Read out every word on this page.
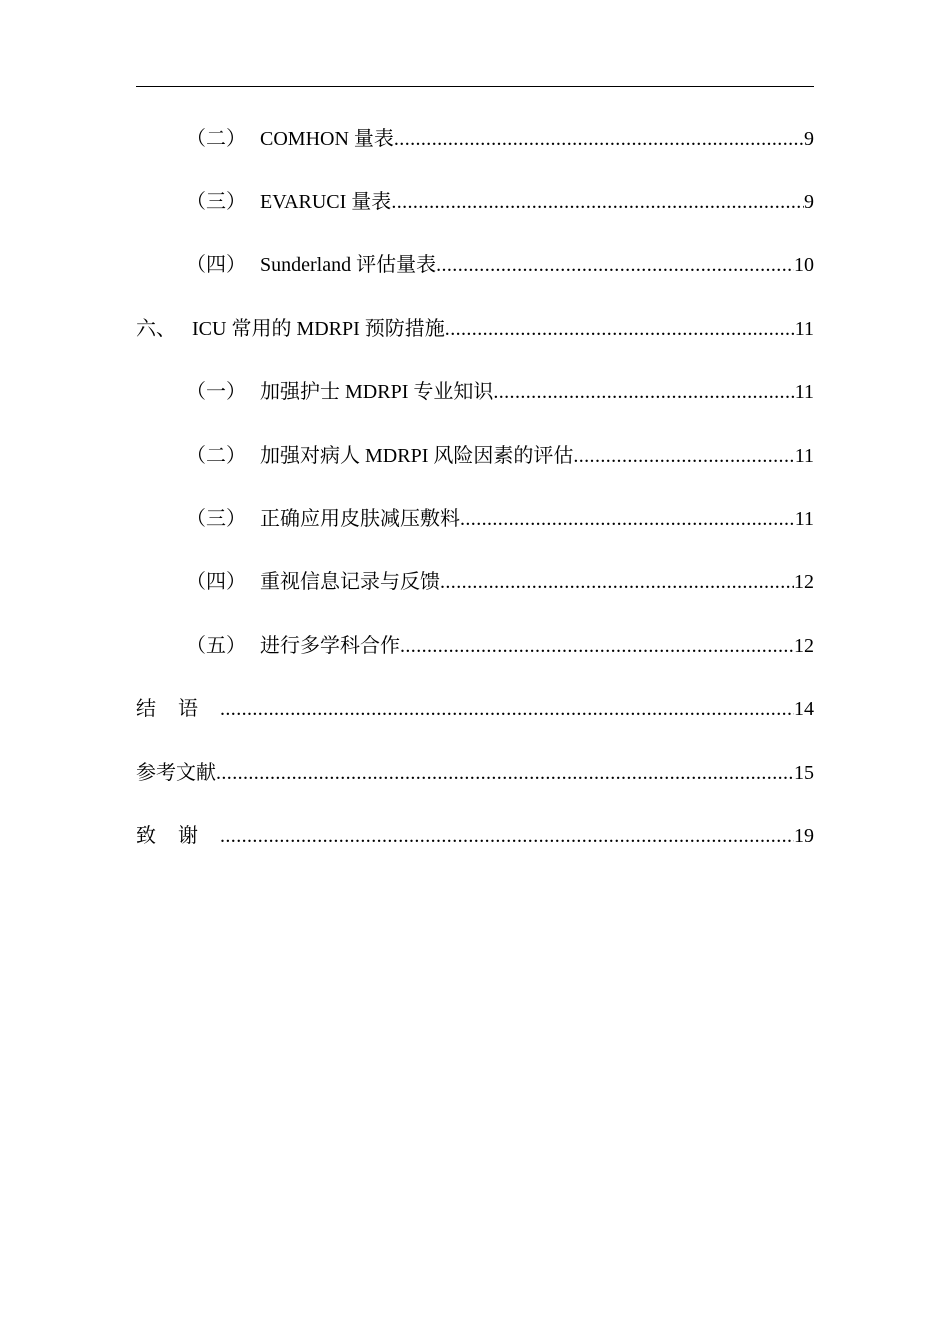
（二） COMHON 量表 .....	9
（三） EVARUCI 量表 .....	9
（四） Sunderland 评估量表 .....	10
六、 ICU 常用的 MDRPI 预防措施 .....	11
（一） 加强护士 MDRPI 专业知识 .....	11
（二） 加强对病人 MDRPI 风险因素的评估 .....	11
（三） 正确应用皮肤减压敷料 .....	11
（四） 重视信息记录与反馈 .....	12
（五） 进行多学科合作 .....	12
结语 .....	14
参考文献 .....	15
致谢 .....	19
